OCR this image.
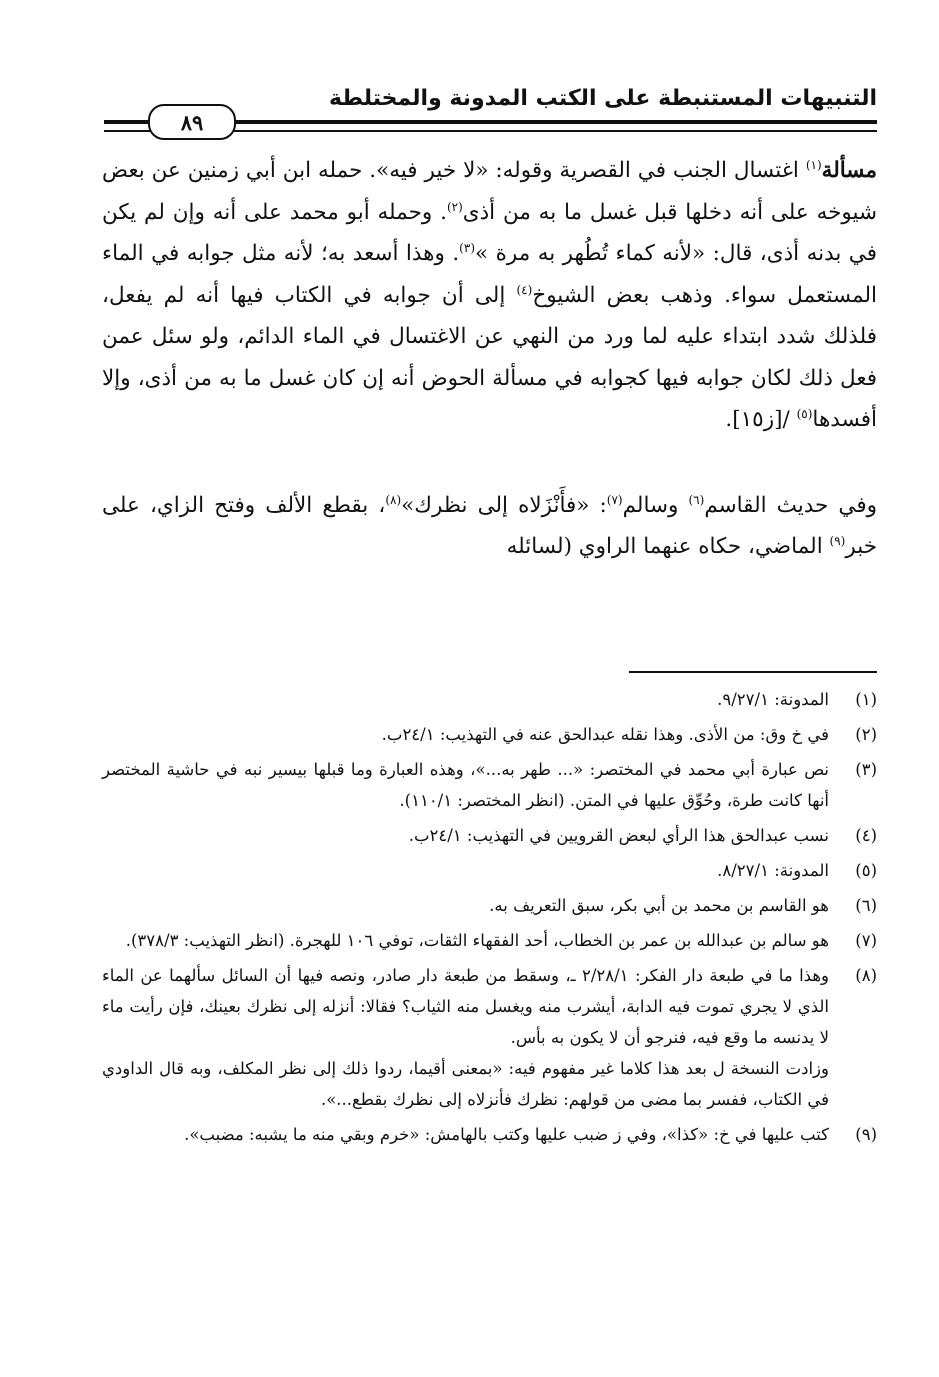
التنبيهات المستنبطة على الكتب المدونة والمختلطة
٨٩

مسألة$^{(١)}$ اغتسال الجنب في القصرية وقوله: «لا خير فيه». حمله ابن أبي زمنين عن بعض شيوخه على أنه دخلها قبل غسل ما به من أذى$^{(٢)}$. وحمله أبو محمد على أنه وإن لم يكن في بدنه أذى، قال: «لأنه كماء تُطُهر به مرة »$^{(٣)}$. وهذا أسعد به؛ لأنه مثل جوابه في الماء المستعمل سواء. وذهب بعض الشيوخ$^{(٤)}$ إلى أن جوابه في الكتاب فيها أنه لم يفعل، فلذلك شدد ابتداء عليه لما ورد من النهي عن الاغتسال في الماء الدائم، ولو سئل عمن فعل ذلك لكان جوابه فيها كجوابه في مسألة الحوض أنه إن كان غسل ما به من أذى، وإلا أفسدها$^{(٥)}$ /[ز١٥].

وفي حديث القاسم$^{(٦)}$ وسالم$^{(٧)}$: «فأَنْزَلاه إلى نظرك»$^{(٨)}$، بقطع الألف وفتح الزاي، على خبر$^{(٩)}$ الماضي، حكاه عنهما الراوي (لسائله

(١)

المدونة: ٩/٢٧/١.

(٢)

في خ وق: من الأذى. وهذا نقله عبدالحق عنه في التهذيب: ٢٤/١ب.

(٣)

نص عبارة أبي محمد في المختصر: «... طهر به...»، وهذه العبارة وما قبلها بيسير نبه في حاشية المختصر أنها كانت طرة، وحُوِّق عليها في المتن. (انظر المختصر: ١١٠/١).

(٤)

نسب عبدالحق هذا الرأي لبعض القرويين في التهذيب: ٢٤/١ب.

(٥)

المدونة: ٨/٢٧/١.

(٦)

هو القاسم بن محمد بن أبي بكر، سبق التعريف به.

(٧)

هو سالم بن عبدالله بن عمر بن الخطاب، أحد الفقهاء الثقات، توفي ١٠٦ للهجرة. (انظر التهذيب: ٣٧٨/٣).

(٨)

وهذا ما في طبعة دار الفكر: ٢/٢٨/١ ـ، وسقط من طبعة دار صادر، ونصه فيها أن السائل سألهما عن الماء الذي لا يجري تموت فيه الدابة، أيشرب منه ويغسل منه الثياب؟ فقالا: أنزله إلى نظرك بعينك، فإن رأيت ماء لا يدنسه ما وقع فيه، فنرجو أن لا يكون به بأس.

وزادت النسخة ل بعد هذا كلاما غير مفهوم فيه: «بمعنى أقيما، ردوا ذلك إلى نظر المكلف، وبه قال الداودي في الكتاب، ففسر بما مضى من قولهم: نظرك فأنزلاه إلى نظرك بقطع...».

(٩)

كتب عليها في خ: «كذا»، وفي ز ضبب عليها وكتب بالهامش: «خرم وبقي منه ما يشبه: مضبب».
